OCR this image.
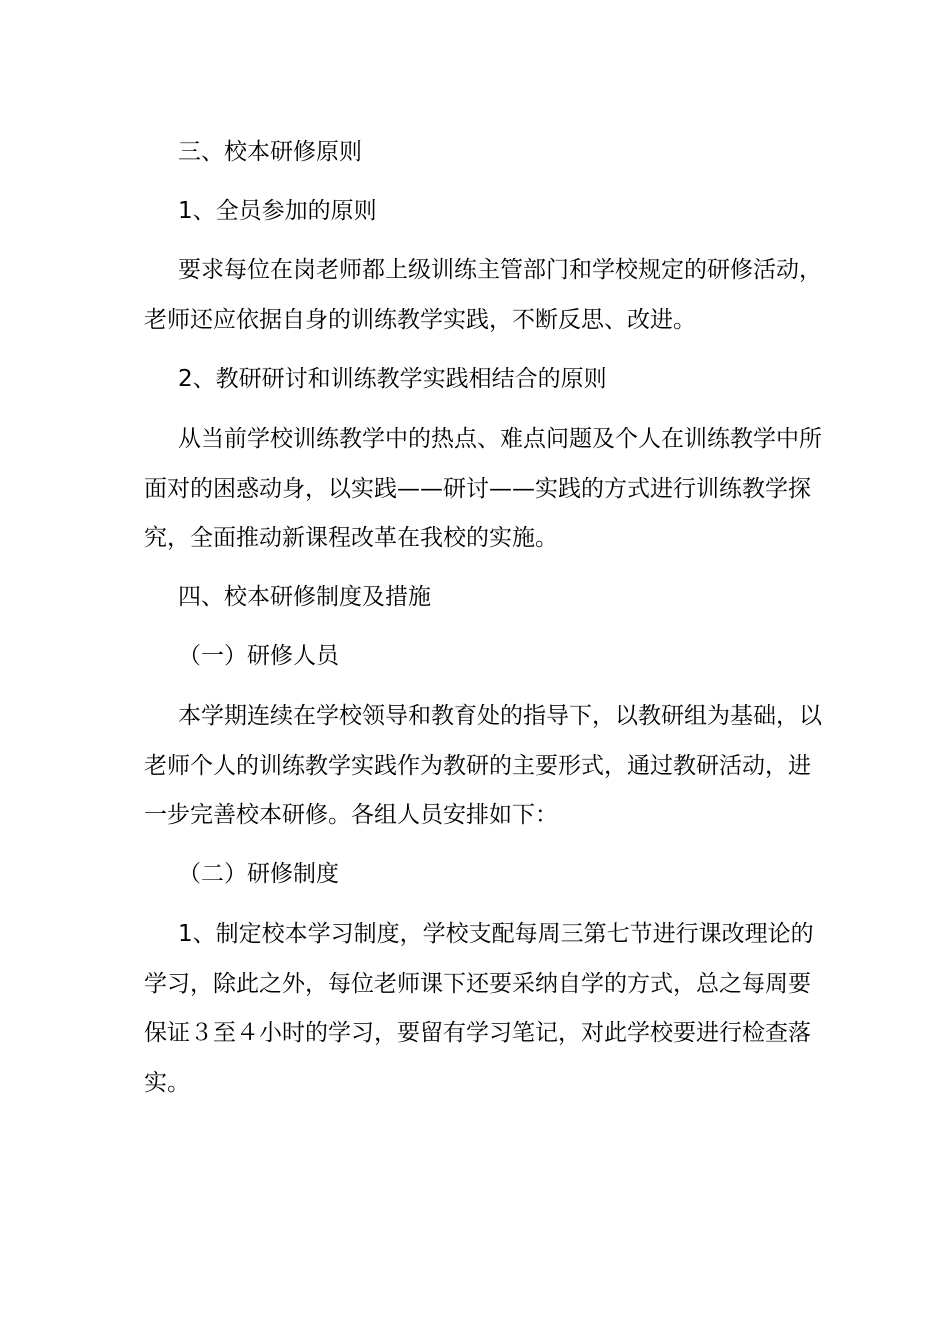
三、校本研修原则
1、全员参加的原则
要求每位在岗老师都上级训练主管部门和学校规定的研修活动，
老师还应依据自身的训练教学实践，不断反思、改进。
2、教研研讨和训练教学实践相结合的原则
从当前学校训练教学中的热点、难点问题及个人在训练教学中所
面对的困惑动身，以实践——研讨——实践的方式进行训练教学探
究，全面推动新课程改革在我校的实施。
四、校本研修制度及措施
（一）研修人员
本学期连续在学校领导和教育处的指导下，以教研组为基础，以
老师个人的训练教学实践作为教研的主要形式，通过教研活动，进
一步完善校本研修。各组人员安排如下：
（二）研修制度
1、制定校本学习制度，学校支配每周三第七节进行课改理论的
学习，除此之外，每位老师课下还要采纳自学的方式，总之每周要
保证３至４小时的学习，要留有学习笔记，对此学校要进行检查落
实。
